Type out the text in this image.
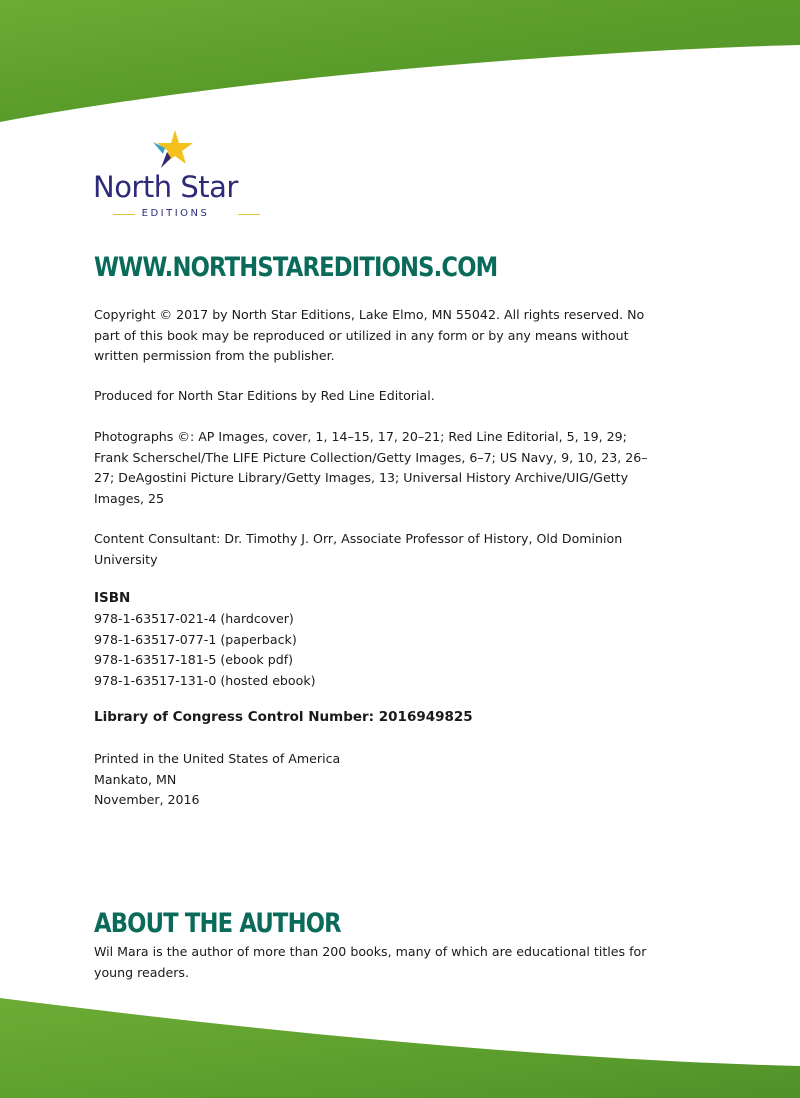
North Star
EDITIONS
WWW.NORTHSTAREDITIONS.COM

Copyright © 2017 by North Star Editions, Lake Elmo, MN 55042. All rights reserved. No part of this book may be reproduced or utilized in any form or by any means without written permission from the publisher.

Produced for North Star Editions by Red Line Editorial.

Photographs ©: AP Images, cover, 1, 14–15, 17, 20–21; Red Line Editorial, 5, 19, 29; Frank Scherschel/The LIFE Picture Collection/Getty Images, 6–7; US Navy, 9, 10, 23, 26–27; DeAgostini Picture Library/Getty Images, 13; Universal History Archive/UIG/Getty Images, 25

Content Consultant: Dr. Timothy J. Orr, Associate Professor of History, Old Dominion University

ISBN

978-1-63517-021-4 (hardcover)
978-1-63517-077-1 (paperback)
978-1-63517-181-5 (ebook pdf)
978-1-63517-131-0 (hosted ebook)

Library of Congress Control Number: 2016949825

Printed in the United States of America
Mankato, MN
November, 2016
ABOUT THE AUTHOR

Wil Mara is the author of more than 200 books, many of which are educational titles for young readers.
